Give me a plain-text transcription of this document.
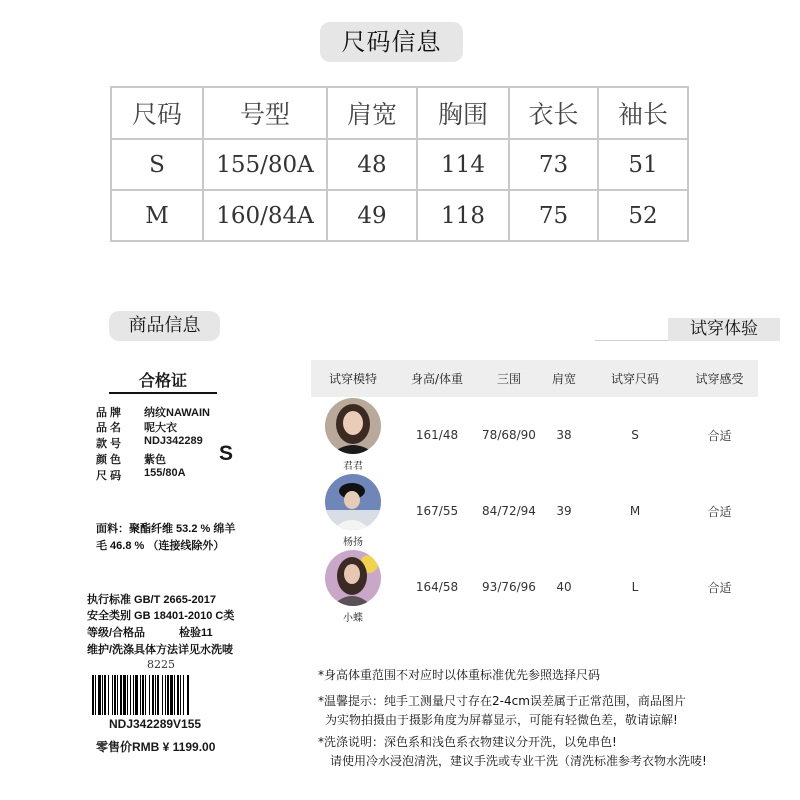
尺码信息
尺码	号型	肩宽	胸围	衣长	袖长
S	155/80A	48	114	73	51
M	160/84A	49	118	75	52
商品信息	试穿体验
合格证
品 牌 纳纹NAWAIN
品 名 呢大衣
款 号 NDJ342289
颜 色 紫色
尺 码 155/80A
S
面料：聚酯纤维 53.2 % 绵羊
毛 46.8 % （连接线除外）
执行标准 GB/T 2665-2017
安全类别 GB 18401-2010 C类
等级/合格品	检验11
维护/洗涤具体方法详见水洗唛
8225
NDJ342289V155
零售价RMB ¥ 1199.00
试穿模特	身高/体重	三围	肩宽	试穿尺码	试穿感受

君君	161/48	78/68/90	38	S	合适

杨扬	167/55	84/72/94	39	M	合适

小蝶	164/58	93/76/96	40	L	合适
*身高体重范围不对应时以体重标准优先参照选择尺码
*温馨提示：纯手工测量尺寸存在2-4cm误差属于正常范围，商品图片
为实物拍摄由于摄影角度为屏幕显示，可能有轻微色差，敬请谅解!
*洗涤说明：深色系和浅色系衣物建议分开洗，以免串色!
请使用冷水浸泡清洗，建议手洗或专业干洗（清洗标准参考衣物水洗唛!
